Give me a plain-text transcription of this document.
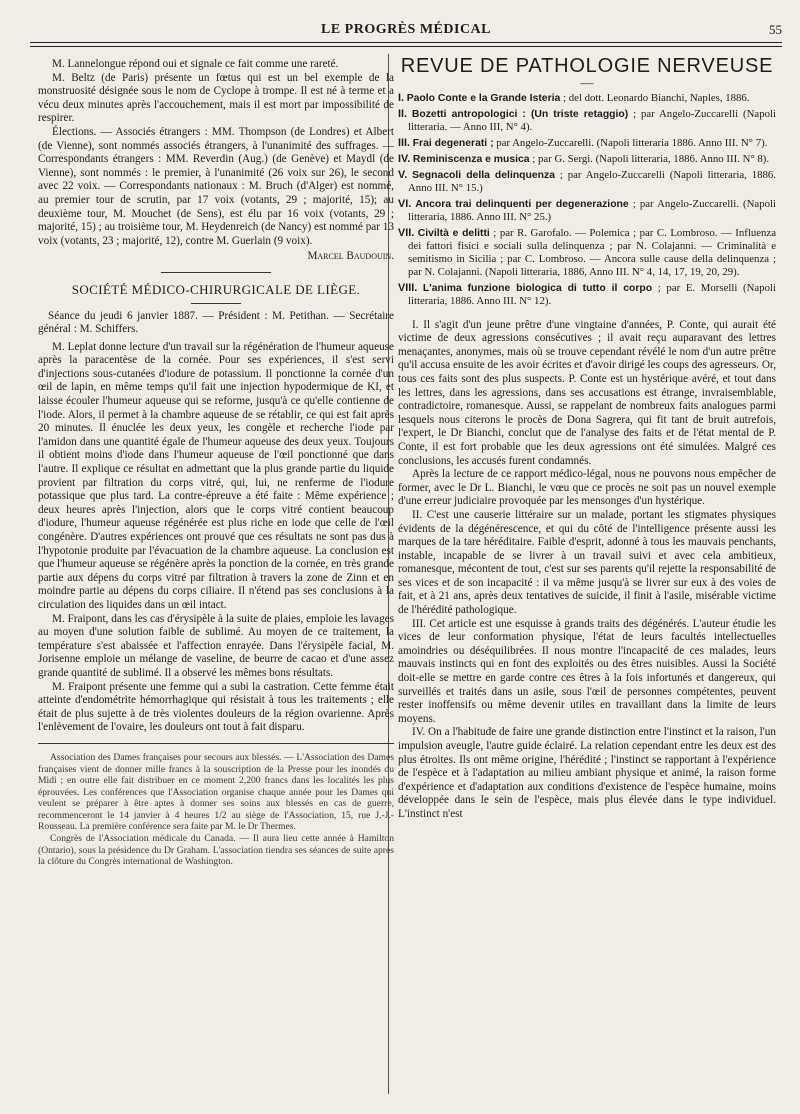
LE PROGRÈS MÉDICAL	55

M. Lannelongue répond oui et signale ce fait comme une rareté.

M. Beltz (de Paris) présente un fœtus qui est un bel exemple de la monstruosité désignée sous le nom de Cyclope à trompe. Il est né à terme et a vécu deux minutes après l'accouchement, mais il est mort par impossibilité de respirer.

Élections. — Associés étrangers : MM. Thompson (de Londres) et Albert (de Vienne), sont nommés associés étrangers, à l'unanimité des suffrages. — Correspondants étrangers : MM. Reverdin (Aug.) (de Genève) et Maydl (de Vienne), sont nommés : le premier, à l'unanimité (26 voix sur 26), le second avec 22 voix. — Correspondants nationaux : M. Bruch (d'Alger) est nommé, au premier tour de scrutin, par 17 voix (votants, 29 ; majorité, 15); au deuxième tour, M. Mouchet (de Sens), est élu par 16 voix (votants, 29 ; majorité, 15) ; au troisième tour, M. Heydenreich (de Nancy) est nommé par 13 voix (votants, 23 ; majorité, 12), contre M. Guerlain (9 voix).

Marcel Baudouin.
SOCIÉTÉ MÉDICO-CHIRURGICALE DE LIÈGE.

Séance du jeudi 6 janvier 1887. — Président : M. Petithan. — Secrétaire général : M. Schiffers.

M. Leplat donne lecture d'un travail sur la régénération de l'humeur aqueuse après la paracentèse de la cornée. Pour ses expériences, il s'est servi d'injections sous-cutanées d'iodure de potassium. Il ponctionne la cornée d'un œil de lapin, en même temps qu'il fait une injection hypodermique de KI, et laisse écouler l'humeur aqueuse qui se reforme, jusqu'à ce qu'elle contienne de l'iode. Alors, il permet à la chambre aqueuse de se rétablir, ce qui est fait après 20 minutes. Il énuclée les deux yeux, les congèle et recherche l'iode par l'amidon dans une quantité égale de l'humeur aqueuse des deux yeux. Toujours il obtient moins d'iode dans l'humeur aqueuse de l'œil ponctionné que dans l'autre. Il explique ce résultat en admettant que la plus grande partie du liquide provient par filtration du corps vitré, qui, lui, ne renferme de l'iodure potassique que plus tard. La contre-épreuve a été faite : Même expérience ; deux heures après l'injection, alors que le corps vitré contient beaucoup d'iodure, l'humeur aqueuse régénérée est plus riche en iode que celle de l'œil congénère. D'autres expériences ont prouvé que ces résultats ne sont pas dus à l'hypotonie produite par l'évacuation de la chambre aqueuse. La conclusion est que l'humeur aqueuse se régénère après la ponction de la cornée, en très grande partie aux dépens du corps vitré par filtration à travers la zone de Zinn et en moindre partie au dépens du corps ciliaire. Il n'étend pas ses conclusions à la circulation des liquides dans un œil intact.

M. Fraipont, dans les cas d'érysipèle à la suite de plaies, emploie les lavages au moyen d'une solution faible de sublimé. Au moyen de ce traitement, la température s'est abaissée et l'affection enrayée. Dans l'érysipèle facial, M. Jorisenne emploie un mélange de vaseline, de beurre de cacao et d'une assez grande quantité de sublimé. Il a observé les mêmes bons résultats.

M. Fraipont présente une femme qui a subi la castration. Cette femme était atteinte d'endométrite hémorrhagique qui résistait à tous les traitements ; elle était de plus sujette à de très violentes douleurs de la région ovarienne. Après l'enlèvement de l'ovaire, les douleurs ont tout à fait disparu.

Association des Dames françaises pour secours aux blessés. — L'Association des Dames françaises vient de donner mille francs à la souscription de la Presse pour les inondés du Midi ; en outre elle fait distribuer en ce moment 2,200 francs dans les localités les plus éprouvées. Les conférences que l'Association organise chaque année pour les Dames qui veulent se préparer à être aptes à donner ses soins aux blessés en cas de guerre, recommenceront le 14 janvier à 4 heures 1/2 au siège de l'Association, 15, rue J.-J.-Rousseau. La première conférence sera faite par M. le Dr Thermes.

Congrès de l'Association médicale du Canada. — Il aura lieu cette année à Hamilton (Ontario), sous la présidence du Dr Graham. L'association tiendra ses séances de suite après la clôture du Congrès international de Washington.

REVUE DE PATHOLOGIE NERVEUSE
—

I. Paolo Conte e la Grande Isteria ; del dott. Leonardo Bianchi, Naples, 1886.

II. Bozetti antropologici : (Un triste retaggio) ; par Angelo-Zuccarelli (Napoli litteraria. — Anno III, N° 4).

III. Frai degenerati ; par Angelo-Zuccarelli. (Napoli litteraria 1886. Anno III. N° 7).

IV. Reminiscenza e musica ; par G. Sergi. (Napoli litteraria, 1886. Anno III. N° 8).

V. Segnacoli della delinquenza ; par Angelo-Zuccarelli (Napoli litteraria, 1886. Anno III. N° 15.)

VI. Ancora trai delinquenti per degenerazione ; par Angelo-Zuccarelli. (Napoli litteraria, 1886. Anno III. N° 25.)

VII. Civiltà e delitti ; par R. Garofalo. — Polemica ; par C. Lombroso. — Influenza dei fattori fisici e sociali sulla delinquenza ; par N. Colajanni. — Criminalità e semitismo in Sicilia ; par C. Lombroso. — Ancora sulle cause della delinquenza ; par N. Colajanni. (Napoli litteraria, 1886, Anno III. N° 4, 14, 17, 19, 20, 29).

VIII. L'anima funzione biologica di tutto il corpo ; par E. Morselli (Napoli litteraria, 1886. Anno III. N° 12).

I. Il s'agit d'un jeune prêtre d'une vingtaine d'années, P. Conte, qui aurait été victime de deux agressions consécutives ; il avait reçu auparavant des lettres menaçantes, anonymes, mais où se trouve cependant révélé le nom d'un autre prêtre qu'il accusa ensuite de les avoir écrites et d'avoir dirigé les coups des agresseurs. Or, tous ces faits sont des plus suspects. P. Conte est un hystérique avéré, et tout dans les lettres, dans les agressions, dans ses accusations est étrange, invraisemblable, contradictoire, romanesque. Aussi, se rappelant de nombreux faits analogues parmi lesquels nous citerons le procès de Dona Sagrera, qui fit tant de bruit autrefois, l'expert, le Dr Bianchi, conclut que de l'analyse des faits et de l'état mental de P. Conte, il est fort probable que les deux agressions ont été simulées. Malgré ces conclusions, les accusés furent condamnés.

Après la lecture de ce rapport médico-légal, nous ne pouvons nous empêcher de former, avec le Dr L. Bianchi, le vœu que ce procès ne soit pas un nouvel exemple d'une erreur judiciaire provoquée par les mensonges d'un hystérique.

II. C'est une causerie littéraire sur un malade, portant les stigmates physiques évidents de la dégénérescence, et qui du côté de l'intelligence présente aussi les marques de la tare héréditaire. Faible d'esprit, adonné à tous les mauvais penchants, instable, incapable de se livrer à un travail suivi et avec cela ambitieux, romanesque, mécontent de tout, c'est sur ses parents qu'il rejette la responsabilité de ses vices et de son incapacité : il va même jusqu'à se livrer sur eux à des voies de fait, et à 21 ans, après deux tentatives de suicide, il finit à l'asile, misérable victime de l'hérédité pathologique.

III. Cet article est une esquisse à grands traits des dégénérés. L'auteur étudie les vices de leur conformation physique, l'état de leurs facultés intellectuelles amoindries ou déséquilibrées. Il nous montre l'incapacité de ces malades, leurs mauvais instincts qui en font des exploités ou des êtres nuisibles. Aussi la Société doit-elle se mettre en garde contre ces êtres à la fois infortunés et dangereux, qui surveillés et traités dans un asile, sous l'œil de personnes compétentes, peuvent rester inoffensifs ou même devenir utiles en travaillant dans la limite de leurs moyens.

IV. On a l'habitude de faire une grande distinction entre l'instinct et la raison, l'un impulsion aveugle, l'autre guide éclairé. La relation cependant entre les deux est des plus étroites. Ils ont même origine, l'hérédité ; l'instinct se rapportant à l'expérience de l'espèce et à l'adaptation au milieu ambiant physique et animé, la raison forme d'expérience et d'adaptation aux conditions d'existence de l'espèce humaine, moins développée dans le sein de l'espèce, mais plus élevée dans le type individuel. L'instinct n'est
